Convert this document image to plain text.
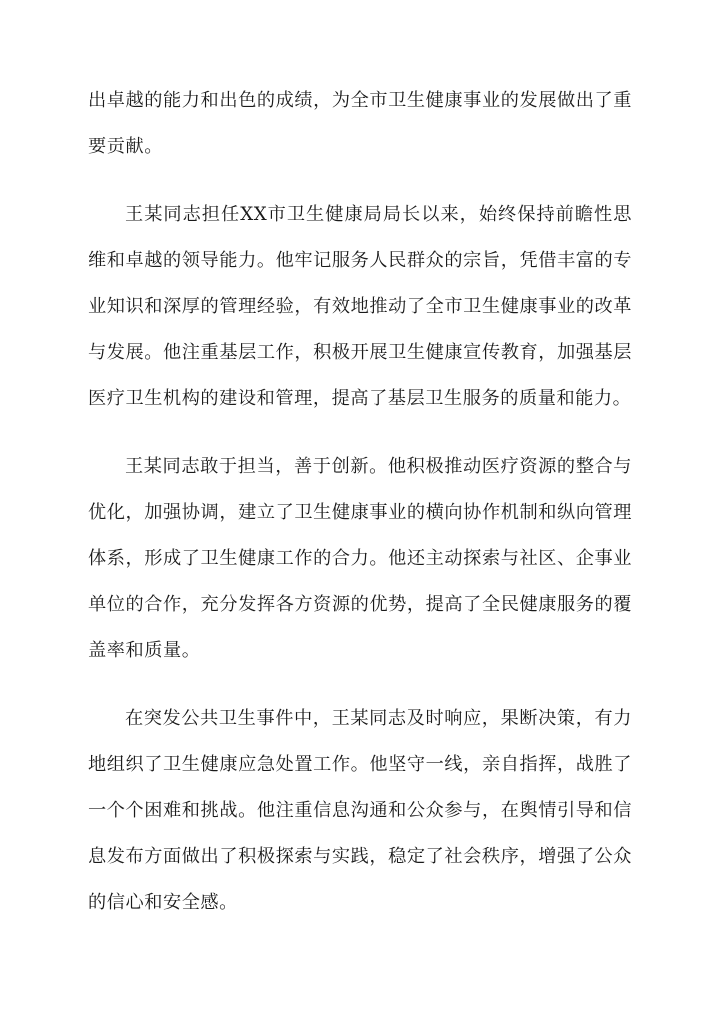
出卓越的能力和出色的成绩，为全市卫生健康事业的发展做出了重要贡献。

王某同志担任XX市卫生健康局局长以来，始终保持前瞻性思维和卓越的领导能力。他牢记服务人民群众的宗旨，凭借丰富的专业知识和深厚的管理经验，有效地推动了全市卫生健康事业的改革与发展。他注重基层工作，积极开展卫生健康宣传教育，加强基层医疗卫生机构的建设和管理，提高了基层卫生服务的质量和能力。

王某同志敢于担当，善于创新。他积极推动医疗资源的整合与优化，加强协调，建立了卫生健康事业的横向协作机制和纵向管理体系，形成了卫生健康工作的合力。他还主动探索与社区、企事业单位的合作，充分发挥各方资源的优势，提高了全民健康服务的覆盖率和质量。

在突发公共卫生事件中，王某同志及时响应，果断决策，有力地组织了卫生健康应急处置工作。他坚守一线，亲自指挥，战胜了一个个困难和挑战。他注重信息沟通和公众参与，在舆情引导和信息发布方面做出了积极探索与实践，稳定了社会秩序，增强了公众的信心和安全感。
